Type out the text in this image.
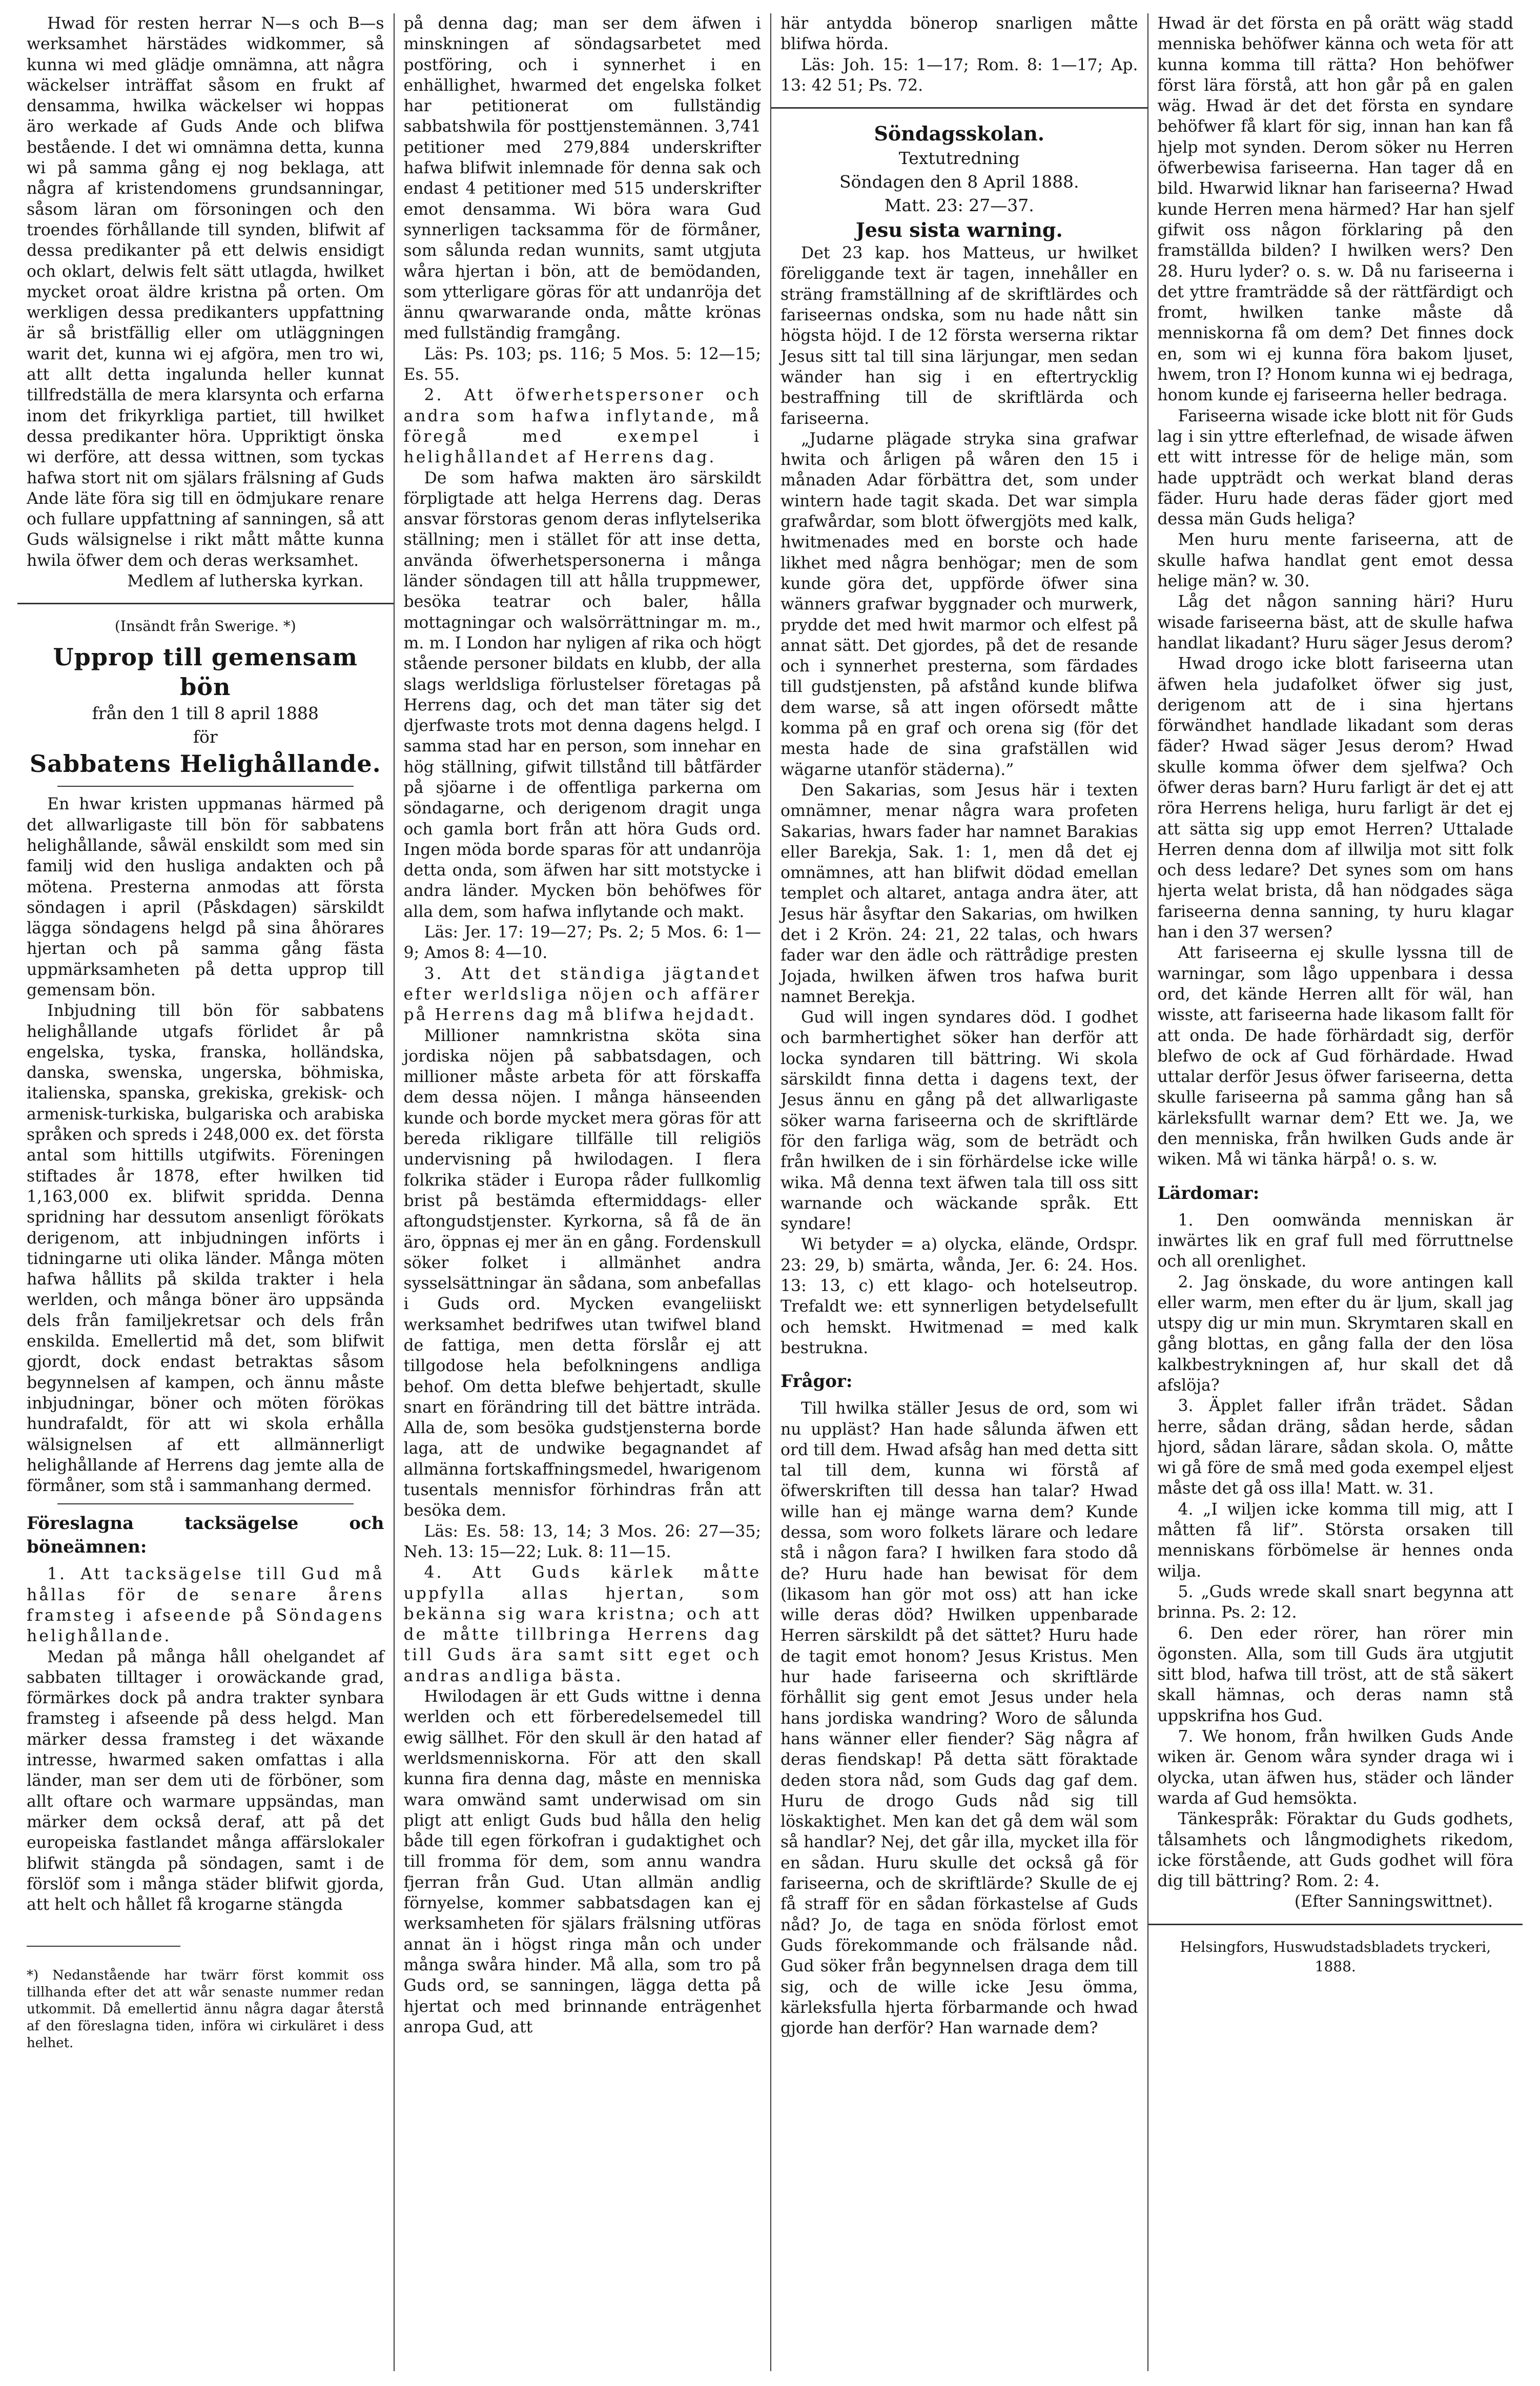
Hwad för resten herrar N—s och B—s werksamhet härstädes widkommer, så kunna wi med glädje omnämna, att några wäckelser inträffat såsom en frukt af densamma, hwilka wäckelser wi hoppas äro werkade af Guds Ande och blifwa bestående. I det wi omnämna detta, kunna wi på samma gång ej nog beklaga, att några af kristendomens grundsanningar, såsom läran om försoningen och den troendes förhållande till synden, blifwit af dessa predikanter på ett delwis ensidigt och oklart, delwis felt sätt utlagda, hwilket mycket oroat äldre kristna på orten. Om werkligen dessa predikanters uppfattning är så bristfällig eller om utläggningen warit det, kunna wi ej afgöra, men tro wi, att allt detta ingalunda heller kunnat tillfredställa de mera klarsynta och erfarna inom det frikyrkliga partiet, till hwilket dessa predikanter höra. Uppriktigt önska wi derföre, att dessa wittnen, som tyckas hafwa stort nit om själars frälsning af Guds Ande läte föra sig till en ödmjukare renare och fullare uppfattning af sanningen, så att Guds wälsignelse i rikt mått måtte kunna hwila öfwer dem och deras werksamhet.

Medlem af lutherska kyrkan.

(Insändt från Swerige. *)

Upprop till gemensam bön

från den 1 till 8 april 1888

för

Sabbatens Helighållande.

En hwar kristen uppmanas härmed på det allwarligaste till bön för sabbatens helighållande, såwäl enskildt som med sin familj wid den husliga andakten och på mötena. Presterna anmodas att första söndagen i april (Påskdagen) särskildt lägga söndagens helgd på sina åhörares hjertan och på samma gång fästa uppmärksamheten på detta upprop till gemensam bön.

Inbjudning till bön för sabbatens helighållande utgafs förlidet år på engelska, tyska, franska, holländska, danska, swenska, ungerska, böhmiska, italienska, spanska, grekiska, grekisk- och armenisk-turkiska, bulgariska och arabiska språken och spreds i 248,000 ex. det första antal som hittills utgifwits. Föreningen stiftades år 1878, efter hwilken tid 1,163,000 ex. blifwit spridda. Denna spridning har dessutom ansenligt förökats derigenom, att inbjudningen införts i tidningarne uti olika länder. Många möten hafwa hållits på skilda trakter i hela werlden, och många böner äro uppsända dels från familjekretsar och dels från enskilda. Emellertid må det, som blifwit gjordt, dock endast betraktas såsom begynnelsen af kampen, och ännu måste inbjudningar, böner och möten förökas hundrafaldt, för att wi skola erhålla wälsignelsen af ett allmännerligt helighållande af Herrens dag jemte alla de förmåner, som stå i sammanhang dermed.

Föreslagna tacksägelse och böneämnen:

1. Att tacksägelse till Gud må hållas för de senare årens framsteg i afseende på Söndagens helighållande.

Medan på många håll ohelgandet af sabbaten tilltager i orowäckande grad, förmärkes dock på andra trakter synbara framsteg i afseende på dess helgd. Man märker dessa framsteg i det wäxande intresse, hwarmed saken omfattas i alla länder, man ser dem uti de förböner, som allt oftare och warmare uppsändas, man märker dem också deraf, att på det europeiska fastlandet många affärslokaler blifwit stängda på söndagen, samt i de förslöf som i många städer blifwit gjorda, att helt och hållet få krogarne stängda

*) Nedanstående har twärr först kommit oss tillhanda efter det att wår senaste nummer redan utkommit. Då emellertid ännu några dagar återstå af den föreslagna tiden, införa wi cirkuläret i dess helhet.

på denna dag; man ser dem äfwen i minskningen af söndagsarbetet med postföring, och i synnerhet i en enhällighet, hwarmed det engelska folket har petitionerat om fullständig sabbatshwila för posttjenstemännen. 3,741 petitioner med 279,884 underskrifter hafwa blifwit inlemnade för denna sak och endast 4 petitioner med 515 underskrifter emot densamma. Wi böra wara Gud synnerligen tacksamma för de förmåner, som sålunda redan wunnits, samt utgjuta wåra hjertan i bön, att de bemödanden, som ytterligare göras för att undanröja det ännu qwarwarande onda, måtte krönas med fullständig framgång.

Läs: Ps. 103; ps. 116; 5 Mos. 5: 12—15; Es. 55.

2. Att öfwerhetspersoner och andra som hafwa inflytande, må föregå med exempel i helighållandet af Herrens dag.

De som hafwa makten äro särskildt förpligtade att helga Herrens dag. Deras ansvar förstoras genom deras inflytelserika ställning; men i stället för att inse detta, använda öfwerhetspersonerna i många länder söndagen till att hålla truppmewer, besöka teatrar och baler, hålla mottagningar och walsörrättningar m. m., m. m. I London har nyligen af rika och högt stående personer bildats en klubb, der alla slags werldsliga förlustelser företagas på Herrens dag, och det man täter sig det djerfwaste trots mot denna dagens helgd. I samma stad har en person, som innehar en hög ställning, gifwit tillstånd till båtfärder på sjöarne i de offentliga parkerna om söndagarne, och derigenom dragit unga och gamla bort från att höra Guds ord. Ingen möda borde sparas för att undanröja detta onda, som äfwen har sitt motstycke i andra länder. Mycken bön behöfwes för alla dem, som hafwa inflytande och makt.

Läs: Jer. 17: 19—27; Ps. 2; 5 Mos. 6: 1—9; Amos 8: 4—10.

3. Att det ständiga jägtandet efter werldsliga nöjen och affärer på Herrens dag må blifwa hejdadt.

Millioner namnkristna sköta sina jordiska nöjen på sabbatsdagen, och millioner måste arbeta för att förskaffa dem dessa nöjen. I många hänseenden kunde och borde mycket mera göras för att bereda rikligare tillfälle till religiös undervisning på hwilodagen. I flera folkrika städer i Europa råder fullkomlig brist på bestämda eftermiddags- eller aftongudstjenster. Kyrkorna, så få de än äro, öppnas ej mer än en gång. Fordenskull söker folket i allmänhet andra sysselsättningar än sådana, som anbefallas i Guds ord. Mycken evangeliiskt werksamhet bedrifwes utan twifwel bland de fattiga, men detta förslår ej att tillgodose hela befolkningens andliga behof. Om detta blefwe behjertadt, skulle snart en förändring till det bättre inträda. Alla de, som besöka gudstjensterna borde laga, att de undwike begagnandet af allmänna fortskaffningsmedel, hwarigenom tusentals mennisfor förhindras från att besöka dem.

Läs: Es. 58: 13, 14; 3 Mos. 26: 27—35; Neh. 13: 15—22; Luk. 8: 11—15.

4. Att Guds kärlek måtte uppfylla allas hjertan, som bekänna sig wara kristna; och att de måtte tillbringa Herrens dag till Guds ära samt sitt eget och andras andliga bästa.

Hwilodagen är ett Guds wittne i denna werlden och ett förberedelsemedel till ewig sällhet. För den skull är den hatad af werldsmenniskorna. För att den skall kunna fira denna dag, måste en menniska wara omwänd samt underwisad om sin pligt att enligt Guds bud hålla den helig både till egen förkofran i gudaktighet och till fromma för dem, som annu wandra fjerran från Gud. Utan allmän andlig förnyelse, kommer sabbatsdagen kan ej werksamheten för själars frälsning utföras annat än i högst ringa mån och under många swåra hinder. Må alla, som tro på Guds ord, se sanningen, lägga detta på hjertat och med brinnande enträgenhet anropa Gud, att

här antydda bönerop snarligen måtte blifwa hörda.

Läs: Joh. 15: 1—17; Rom. 8: 1—17; Ap. 13: 42 51; Ps. 72.

Söndagsskolan.

Textutredning

Söndagen den 8 April 1888.

Matt. 23: 27—37.

Jesu sista warning.

Det 23 kap. hos Matteus, ur hwilket föreliggande text är tagen, innehåller en sträng framställning af de skriftlärdes och fariseernas ondska, som nu hade nått sin högsta höjd. I de 12 första werserna riktar Jesus sitt tal till sina lärjungar, men sedan wänder han sig i en eftertrycklig bestraffning till de skriftlärda och fariseerna.

„Judarne plägade stryka sina grafwar hwita och årligen på wåren den 15 i månaden Adar förbättra det, som under wintern hade tagit skada. Det war simpla grafwårdar, som blott öfwergjöts med kalk, hwitmenades med en borste och hade likhet med några benhögar; men de som kunde göra det, uppförde öfwer sina wänners grafwar byggnader och murwerk, prydde det med hwit marmor och elfest på annat sätt. Det gjordes, på det de resande och i synnerhet presterna, som färdades till gudstjensten, på afstånd kunde blifwa dem warse, så att ingen oförsedt måtte komma på en graf och orena sig (för det mesta hade de sina grafställen wid wägarne utanför städerna).”

Den Sakarias, som Jesus här i texten omnämner, menar några wara profeten Sakarias, hwars fader har namnet Barakias eller Barekja, Sak. 1: 1, men då det ej omnämnes, att han blifwit dödad emellan templet och altaret, antaga andra äter, att Jesus här åsyftar den Sakarias, om hwilken det i 2 Krön. 24: 21, 22 talas, och hwars fader war den ädle och rättrådige presten Jojada, hwilken äfwen tros hafwa burit namnet Berekja.

Gud will ingen syndares död. I godhet och barmhertighet söker han derför att locka syndaren till bättring. Wi skola särskildt finna detta i dagens text, der Jesus ännu en gång på det allwarligaste söker warna fariseerna och de skriftlärde för den farliga wäg, som de beträdt och från hwilken de i sin förhärdelse icke wille wika. Må denna text äfwen tala till oss sitt warnande och wäckande språk. Ett syndare!

Wi betyder = a) olycka, elände, Ordspr. 23: 29, b) smärta, wånda, Jer. 6: 24. Hos. 13: 13, c) ett klago- och hotelseutrop. Trefaldt we: ett synnerligen betydelsefullt och hemskt. Hwitmenad = med kalk bestrukna.

Frågor:

Till hwilka ställer Jesus de ord, som wi nu uppläst? Han hade sålunda äfwen ett ord till dem. Hwad afsåg han med detta sitt tal till dem, kunna wi förstå af öfwerskriften till dessa han talar? Hwad wille han ej mänge warna dem? Kunde dessa, som woro folkets lärare och ledare stå i någon fara? I hwilken fara stodo då de? Huru hade han bewisat för dem (likasom han gör mot oss) att han icke wille deras död? Hwilken uppenbarade Herren särskildt på det sättet? Huru hade de tagit emot honom? Jesus Kristus. Men hur hade fariseerna och skriftlärde förhållit sig gent emot Jesus under hela hans jordiska wandring? Woro de sålunda hans wänner eller fiender? Säg några af deras fiendskap! På detta sätt föraktade deden stora nåd, som Guds dag gaf dem. Huru de drogo Guds nåd sig till löskaktighet. Men kan det gå dem wäl som så handlar? Nej, det går illa, mycket illa för en sådan. Huru skulle det också gå för fariseerna, och de skriftlärde? Skulle de ej få straff för en sådan förkastelse af Guds nåd? Jo, de taga en snöda förlost emot Guds förekommande och frälsande nåd. Gud söker från begynnelsen draga dem till sig, och de wille icke Jesu ömma, kärleksfulla hjerta förbarmande och hwad gjorde han derför? Han warnade dem?

Hwad är det första en på orätt wäg stadd menniska behöfwer känna och weta för att kunna komma till rätta? Hon behöfwer först lära förstå, att hon går på en galen wäg. Hwad är det det första en syndare behöfwer få klart för sig, innan han kan få hjelp mot synden. Derom söker nu Herren öfwerbewisa fariseerna. Han tager då en bild. Hwarwid liknar han fariseerna? Hwad kunde Herren mena härmed? Har han sjelf gifwit oss någon förklaring på den framställda bilden? I hwilken wers? Den 28. Huru lyder? o. s. w. Då nu fariseerna i det yttre framträdde så der rättfärdigt och fromt, hwilken tanke måste då menniskorna få om dem? Det finnes dock en, som wi ej kunna föra bakom ljuset, hwem, tron I? Honom kunna wi ej bedraga, honom kunde ej fariseerna heller bedraga.

Fariseerna wisade icke blott nit för Guds lag i sin yttre efterlefnad, de wisade äfwen ett witt intresse för de helige män, som hade uppträdt och werkat bland deras fäder. Huru hade deras fäder gjort med dessa män Guds heliga?

Men huru mente fariseerna, att de skulle hafwa handlat gent emot dessa helige män? w. 30.

Låg det någon sanning häri? Huru wisade fariseerna bäst, att de skulle hafwa handlat likadant? Huru säger Jesus derom?

Hwad drogo icke blott fariseerna utan äfwen hela judafolket öfwer sig just, derigenom att de i sina hjertans förwändhet handlade likadant som deras fäder? Hwad säger Jesus derom? Hwad skulle komma öfwer dem sjelfwa? Och öfwer deras barn? Huru farligt är det ej att röra Herrens heliga, huru farligt är det ej att sätta sig upp emot Herren? Uttalade Herren denna dom af illwilja mot sitt folk och dess ledare? Det synes som om hans hjerta welat brista, då han nödgades säga fariseerna denna sanning, ty huru klagar han i den 37 wersen?

Att fariseerna ej skulle lyssna till de warningar, som lågo uppenbara i dessa ord, det kände Herren allt för wäl, han wisste, att fariseerna hade likasom fallt för att onda. De hade förhärdadt sig, derför blefwo de ock af Gud förhärdade. Hwad uttalar derför Jesus öfwer fariseerna, detta skulle fariseerna på samma gång han så kärleksfullt warnar dem? Ett we. Ja, we den menniska, från hwilken Guds ande är wiken. Må wi tänka härpå! o. s. w.

Lärdomar:

1. Den oomwända menniskan är inwärtes lik en graf full med förruttnelse och all orenlighet.

2. Jag önskade, du wore antingen kall eller warm, men efter du är ljum, skall jag utspy dig ur min mun. Skrymtaren skall en gång blottas, en gång falla der den lösa kalkbestrykningen af, hur skall det då afslöja?

3. Äpplet faller ifrån trädet. Sådan herre, sådan dräng, sådan herde, sådan hjord, sådan lärare, sådan skola. O, måtte wi gå före de små med goda exempel eljest måste det gå oss illa! Matt. w. 31.

4. „I wiljen icke komma till mig, att I måtten få lif”. Största orsaken till menniskans förbömelse är hennes onda wilja.

5. „Guds wrede skall snart begynna att brinna. Ps. 2: 12.

6. Den eder rörer, han rörer min ögonsten. Alla, som till Guds ära utgjutit sitt blod, hafwa till tröst, att de stå säkert skall hämnas, och deras namn stå uppskrifna hos Gud.

7. We honom, från hwilken Guds Ande wiken är. Genom wåra synder draga wi i olycka, utan äfwen hus, städer och länder warda af Gud hemsökta.

Tänkespråk: Föraktar du Guds godhets, tålsamhets och långmodighets rikedom, icke förstående, att Guds godhet will föra dig till bättring? Rom. 2: 4.

(Efter Sanningswittnet).

Helsingfors, Huswudstadsbladets tryckeri, 1888.
